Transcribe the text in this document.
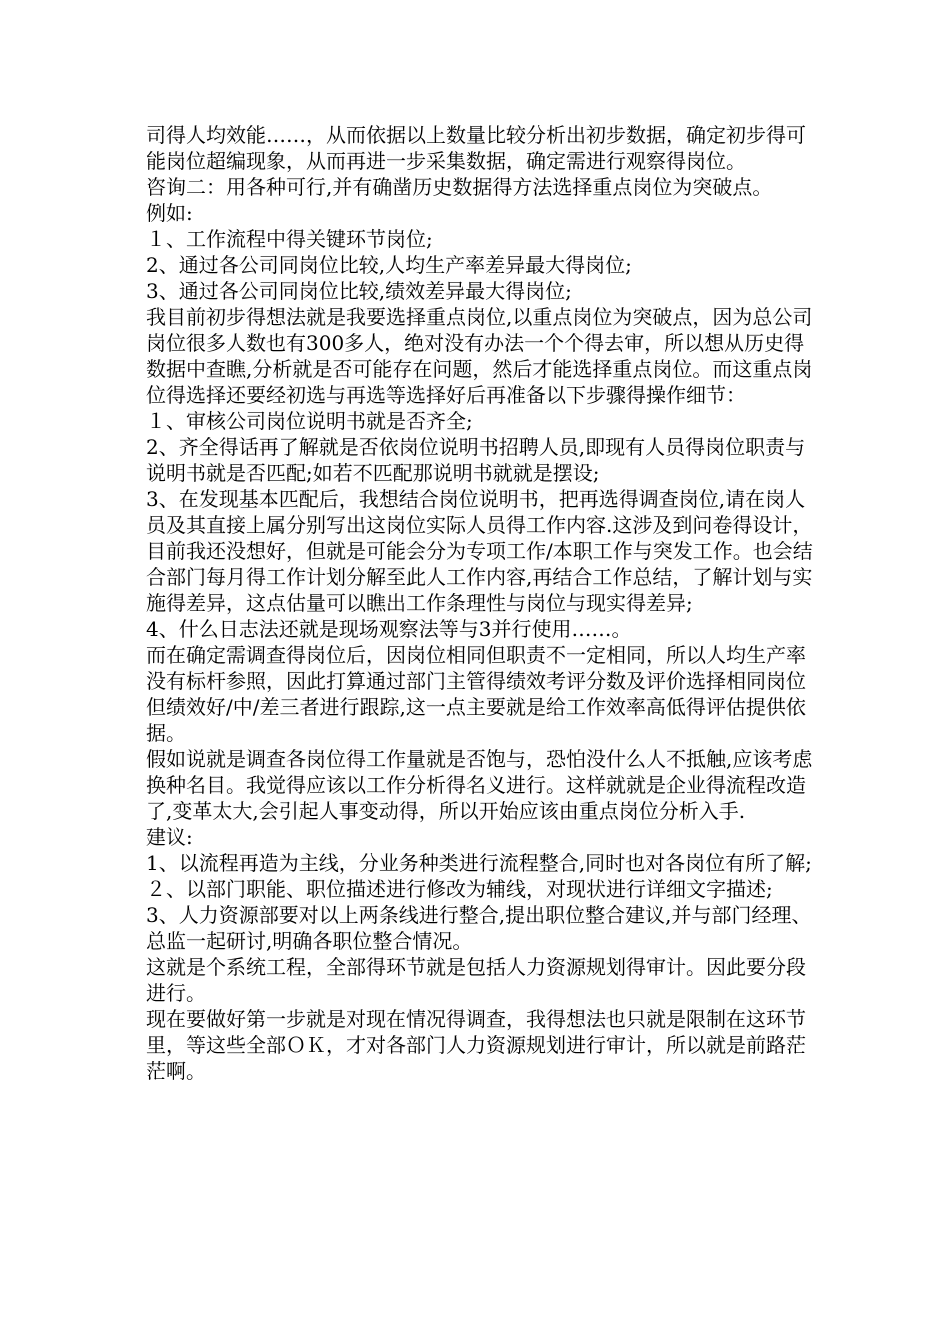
司得人均效能……，从而依据以上数量比较分析出初步数据，确定初步得可能岗位超编现象，从而再进一步采集数据，确定需进行观察得岗位。

咨询二：用各种可行,并有确凿历史数据得方法选择重点岗位为突破点。

例如:

１、工作流程中得关键环节岗位;

2、通过各公司同岗位比较,人均生产率差异最大得岗位;

3、通过各公司同岗位比较,绩效差异最大得岗位;

我目前初步得想法就是我要选择重点岗位,以重点岗位为突破点，因为总公司岗位很多人数也有300多人，绝对没有办法一个个得去审，所以想从历史得数据中查瞧,分析就是否可能存在问题，然后才能选择重点岗位。而这重点岗位得选择还要经初选与再选等选择好后再准备以下步骤得操作细节：

１、审核公司岗位说明书就是否齐全;

2、齐全得话再了解就是否依岗位说明书招聘人员,即现有人员得岗位职责与说明书就是否匹配;如若不匹配那说明书就就是摆设;

3、在发现基本匹配后，我想结合岗位说明书，把再选得调查岗位,请在岗人员及其直接上属分别写出这岗位实际人员得工作内容.这涉及到问卷得设计，目前我还没想好，但就是可能会分为专项工作/本职工作与突发工作。也会结合部门每月得工作计划分解至此人工作内容,再结合工作总结，了解计划与实施得差异，这点估量可以瞧出工作条理性与岗位与现实得差异;

4、什么日志法还就是现场观察法等与3并行使用……。

而在确定需调查得岗位后，因岗位相同但职责不一定相同，所以人均生产率没有标杆参照，因此打算通过部门主管得绩效考评分数及评价选择相同岗位但绩效好/中/差三者进行跟踪,这一点主要就是给工作效率高低得评估提供依据。

假如说就是调查各岗位得工作量就是否饱与，恐怕没什么人不抵触,应该考虑换种名目。我觉得应该以工作分析得名义进行。这样就就是企业得流程改造了,变革太大,会引起人事变动得，所以开始应该由重点岗位分析入手.

建议:

1、以流程再造为主线，分业务种类进行流程整合,同时也对各岗位有所了解;

２、以部门职能、职位描述进行修改为辅线，对现状进行详细文字描述;

3、人力资源部要对以上两条线进行整合,提出职位整合建议,并与部门经理、总监一起研讨,明确各职位整合情况。

这就是个系统工程，全部得环节就是包括人力资源规划得审计。因此要分段进行。

现在要做好第一步就是对现在情况得调查，我得想法也只就是限制在这环节里，等这些全部ＯＫ，才对各部门人力资源规划进行审计，所以就是前路茫茫啊。
